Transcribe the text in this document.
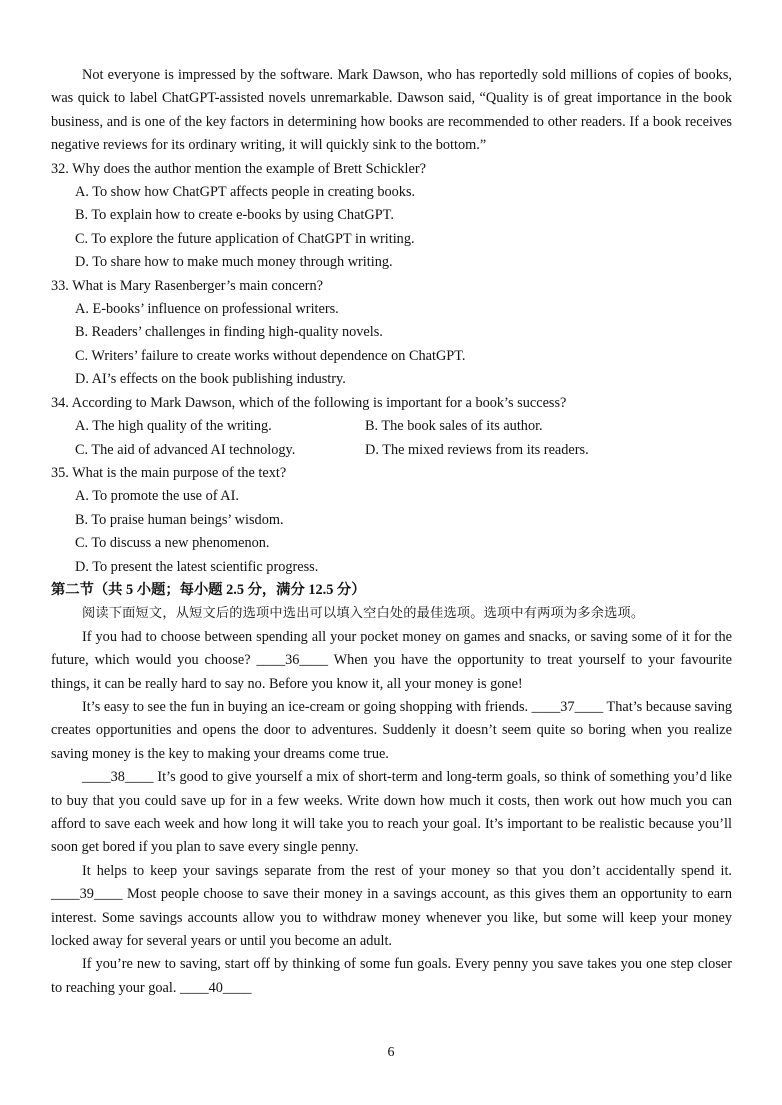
Not everyone is impressed by the software. Mark Dawson, who has reportedly sold millions of copies of books, was quick to label ChatGPT-assisted novels unremarkable. Dawson said, “Quality is of great importance in the book business, and is one of the key factors in determining how books are recommended to other readers. If a book receives negative reviews for its ordinary writing, it will quickly sink to the bottom.”

32. Why does the author mention the example of Brett Schickler?

A. To show how ChatGPT affects people in creating books.

B. To explain how to create e-books by using ChatGPT.

C. To explore the future application of ChatGPT in writing.

D. To share how to make much money through writing.

33. What is Mary Rasenberger’s main concern?

A. E-books’ influence on professional writers.

B. Readers’ challenges in finding high-quality novels.

C. Writers’ failure to create works without dependence on ChatGPT.

D. AI’s effects on the book publishing industry.

34. According to Mark Dawson, which of the following is important for a book’s success?

A. The high quality of the writing.	B. The book sales of its author.
C. The aid of advanced AI technology.	D. The mixed reviews from its readers.

35. What is the main purpose of the text?

A. To promote the use of AI.

B. To praise human beings’ wisdom.

C. To discuss a new phenomenon.

D. To present the latest scientific progress.

第二节（共 5 小题；每小题 2.5 分，满分 12.5 分）

阅读下面短文，从短文后的选项中选出可以填入空白处的最佳选项。选项中有两项为多余选项。

If you had to choose between spending all your pocket money on games and snacks, or saving some of it for the future, which would you choose? ____36____ When you have the opportunity to treat yourself to your favourite things, it can be really hard to say no. Before you know it, all your money is gone!

It’s easy to see the fun in buying an ice-cream or going shopping with friends. ____37____ That’s because saving creates opportunities and opens the door to adventures. Suddenly it doesn’t seem quite so boring when you realize saving money is the key to making your dreams come true.

____38____ It’s good to give yourself a mix of short-term and long-term goals, so think of something you’d like to buy that you could save up for in a few weeks. Write down how much it costs, then work out how much you can afford to save each week and how long it will take you to reach your goal. It’s important to be realistic because you’ll soon get bored if you plan to save every single penny.

It helps to keep your savings separate from the rest of your money so that you don’t accidentally spend it. ____39____ Most people choose to save their money in a savings account, as this gives them an opportunity to earn interest. Some savings accounts allow you to withdraw money whenever you like, but some will keep your money locked away for several years or until you become an adult.

If you’re new to saving, start off by thinking of some fun goals. Every penny you save takes you one step closer to reaching your goal. ____40____

6
